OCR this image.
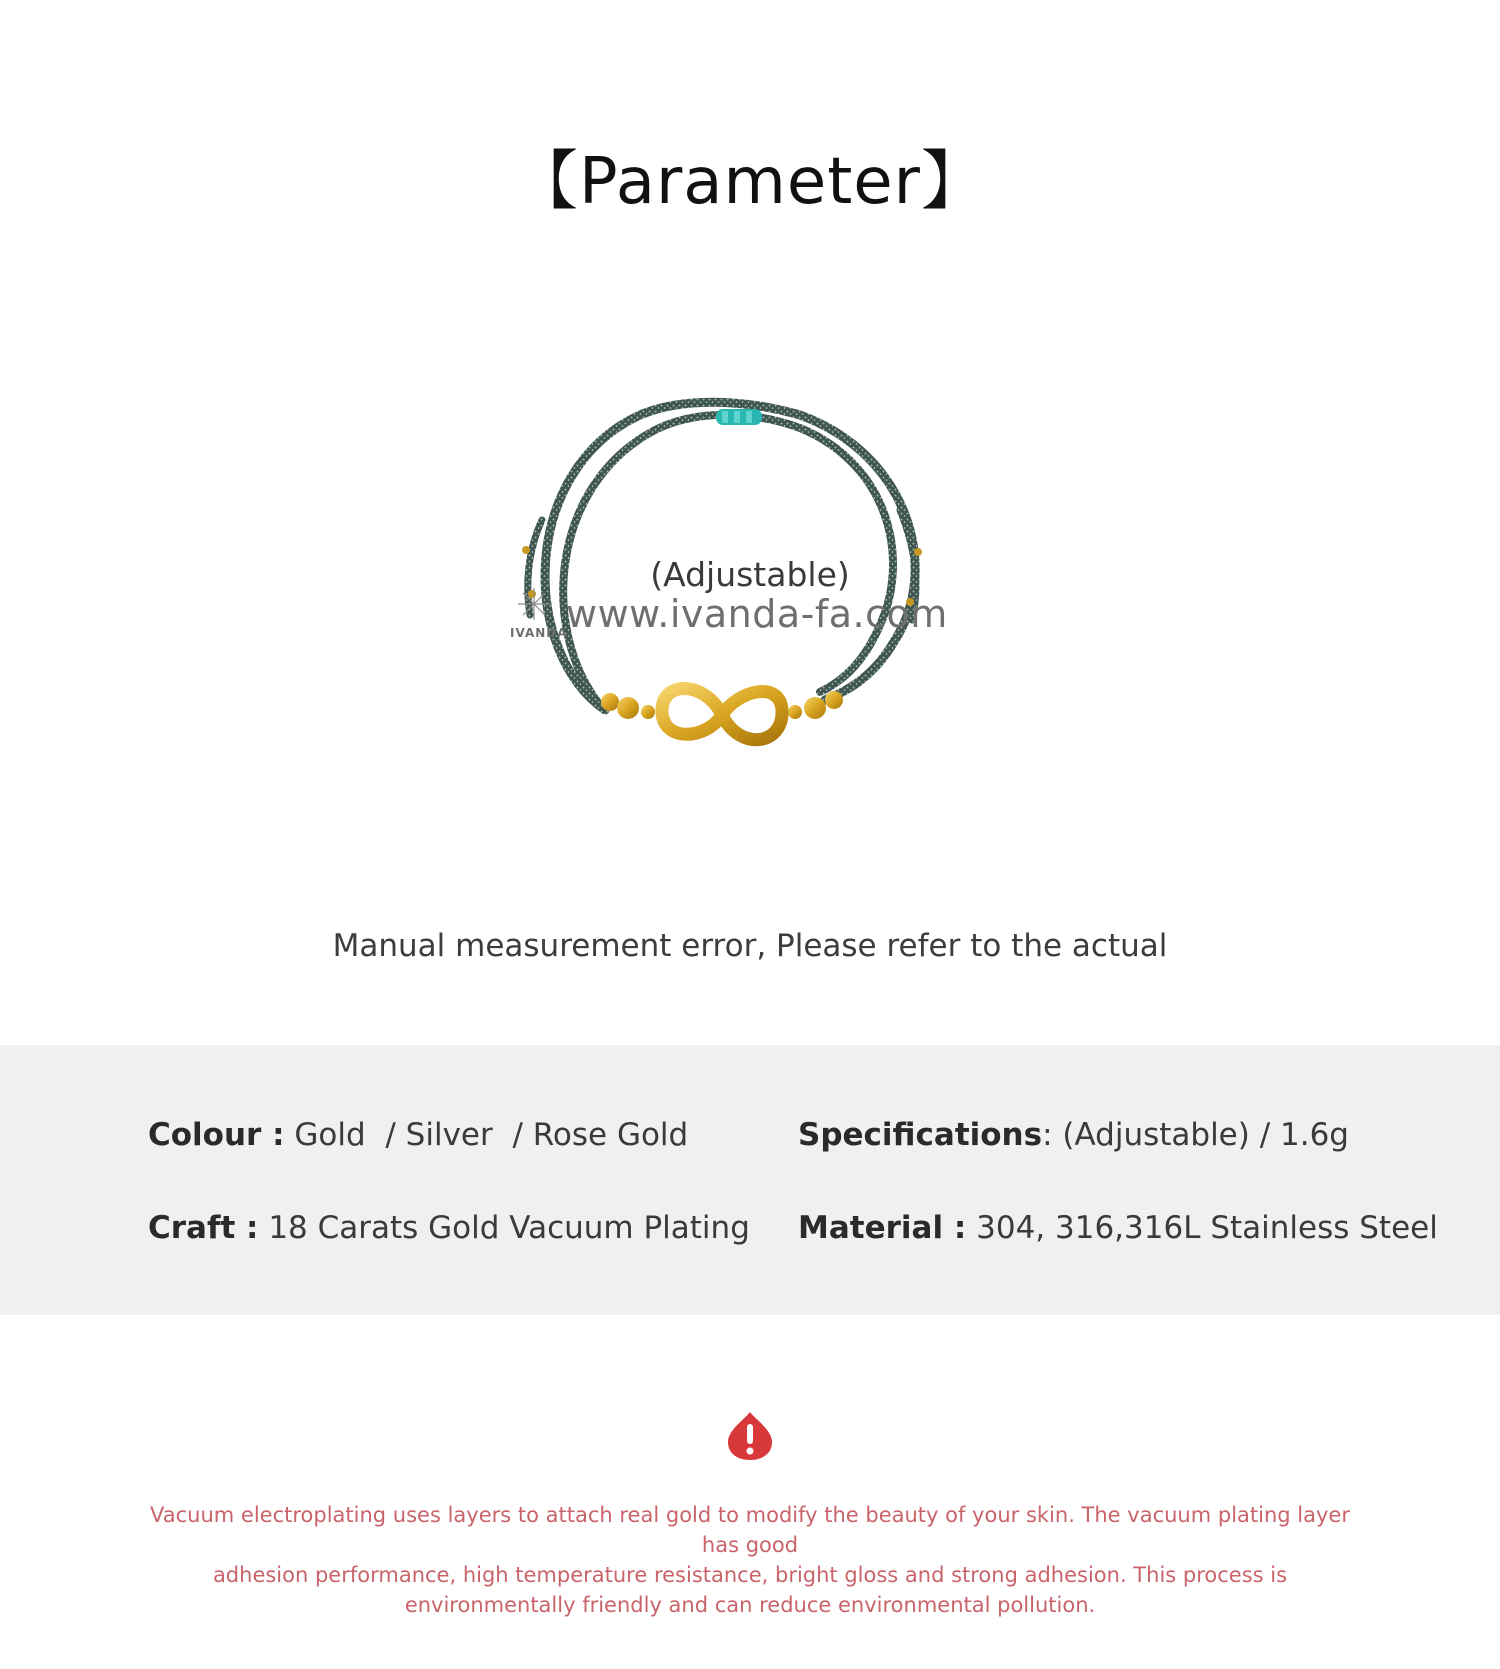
【Parameter】
(Adjustable)
IVANDA
www.ivanda-fa.com
Manual measurement error, Please refer to the actual
Colour : Gold  / Silver  / Rose Gold	Specifications: (Adjustable) / 1.6g
Craft : 18 Carats Gold Vacuum Plating Material : 304, 316,316L Stainless Steel
Vacuum electroplating uses layers to attach real gold to modify the beauty of your skin. The vacuum plating layer has good
adhesion performance, high temperature resistance, bright gloss and strong adhesion. This process is
environmentally friendly and can reduce environmental pollution.
